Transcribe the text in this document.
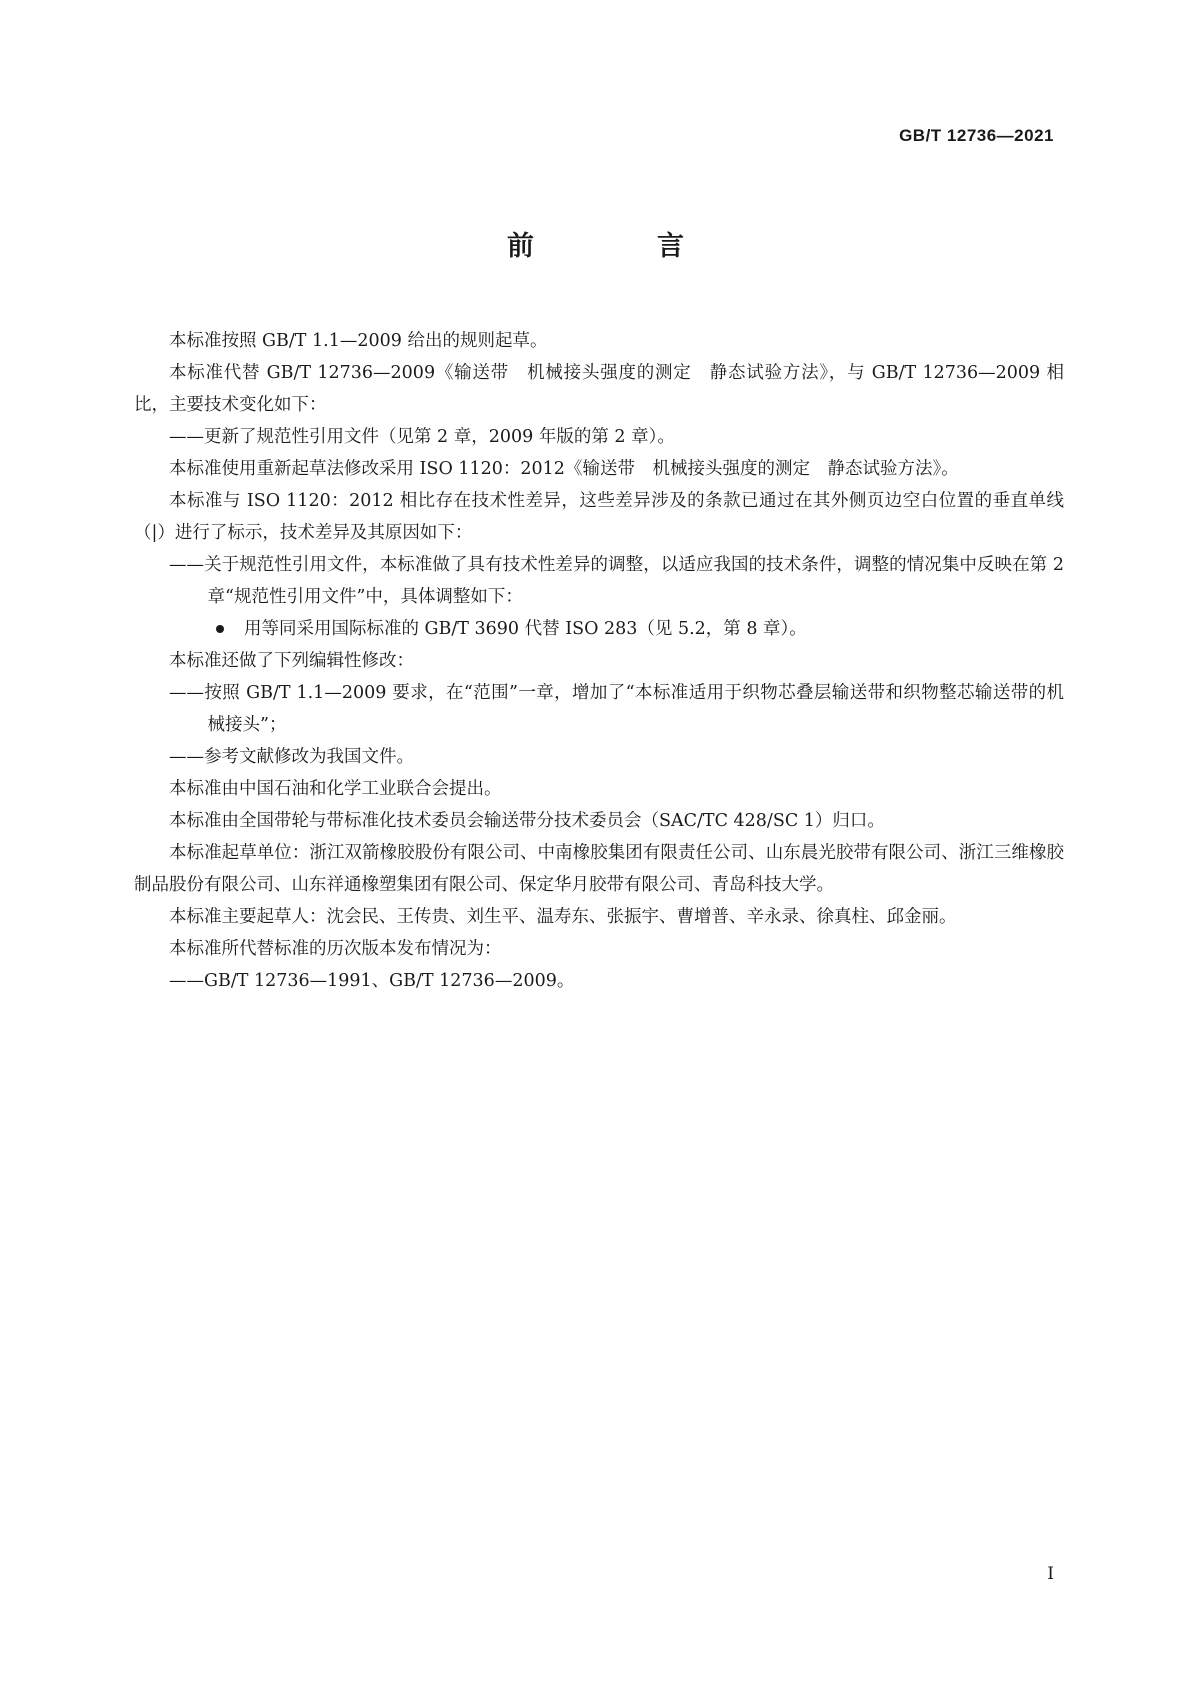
GB/T 12736—2021
前　言

本标准按照 GB/T 1.1—2009 给出的规则起草。

本标准代替 GB/T 12736—2009《输送带　机械接头强度的测定　静态试验方法》，与 GB/T 12736—2009 相比，主要技术变化如下：

——更新了规范性引用文件（见第 2 章，2009 年版的第 2 章）。

本标准使用重新起草法修改采用 ISO 1120：2012《输送带　机械接头强度的测定　静态试验方法》。

本标准与 ISO 1120：2012 相比存在技术性差异，这些差异涉及的条款已通过在其外侧页边空白位置的垂直单线（|）进行了标示，技术差异及其原因如下：

——关于规范性引用文件，本标准做了具有技术性差异的调整，以适应我国的技术条件，调整的情况集中反映在第 2 章“规范性引用文件”中，具体调整如下：

用等同采用国际标准的 GB/T 3690 代替 ISO 283（见 5.2，第 8 章）。

本标准还做了下列编辑性修改：

——按照 GB/T 1.1—2009 要求，在“范围”一章，增加了“本标准适用于织物芯叠层输送带和织物整芯输送带的机械接头”；

——参考文献修改为我国文件。

本标准由中国石油和化学工业联合会提出。

本标准由全国带轮与带标准化技术委员会输送带分技术委员会（SAC/TC 428/SC 1）归口。

本标准起草单位：浙江双箭橡胶股份有限公司、中南橡胶集团有限责任公司、山东晨光胶带有限公司、浙江三维橡胶制品股份有限公司、山东祥通橡塑集团有限公司、保定华月胶带有限公司、青岛科技大学。

本标准主要起草人：沈会民、王传贵、刘生平、温寿东、张振宇、曹增普、辛永录、徐真柱、邱金丽。

本标准所代替标准的历次版本发布情况为：

——GB/T 12736—1991、GB/T 12736—2009。

I
